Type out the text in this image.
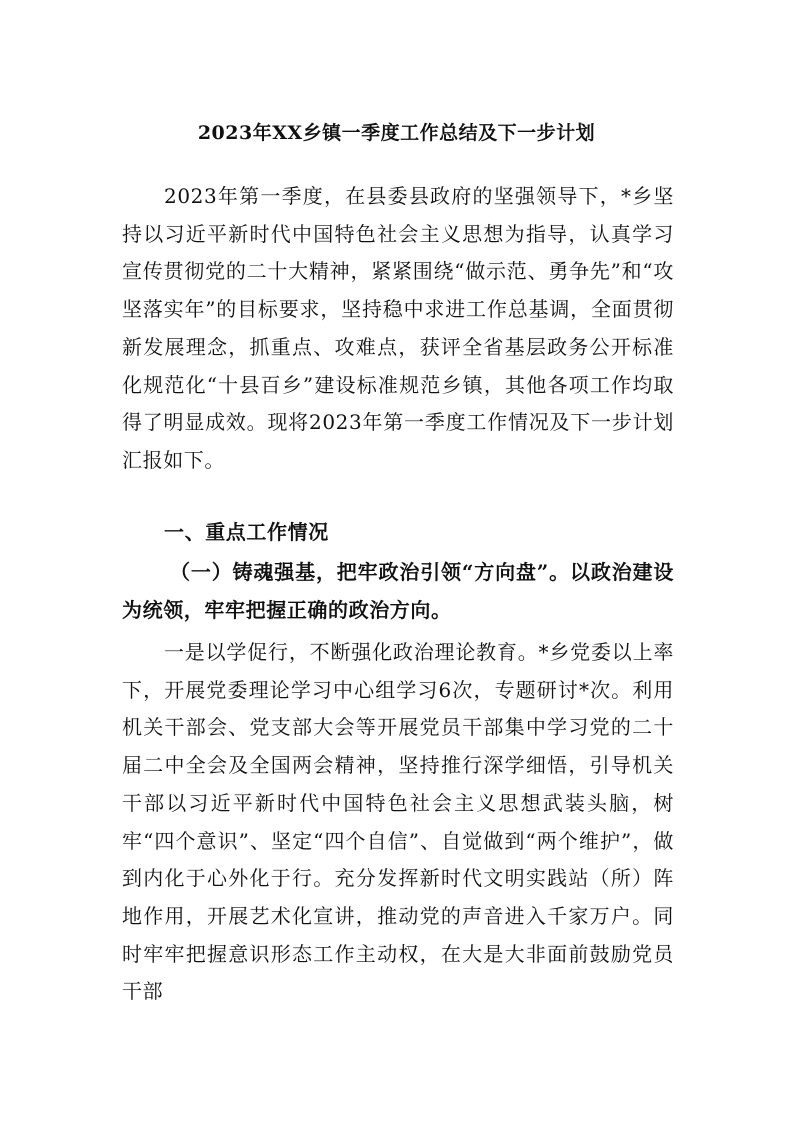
2023年XX乡镇一季度工作总结及下一步计划

2023年第一季度，在县委县政府的坚强领导下，*乡坚持以习近平新时代中国特色社会主义思想为指导，认真学习宣传贯彻党的二十大精神，紧紧围绕“做示范、勇争先”和“攻坚落实年”的目标要求，坚持稳中求进工作总基调，全面贯彻新发展理念，抓重点、攻难点，获评全省基层政务公开标准化规范化“十县百乡”建设标准规范乡镇，其他各项工作均取得了明显成效。现将2023年第一季度工作情况及下一步计划汇报如下。

一、重点工作情况

（一）铸魂强基，把牢政治引领“方向盘”。以政治建设为统领，牢牢把握正确的政治方向。

一是以学促行，不断强化政治理论教育。*乡党委以上率下，开展党委理论学习中心组学习6次，专题研讨*次。利用机关干部会、党支部大会等开展党员干部集中学习党的二十届二中全会及全国两会精神，坚持推行深学细悟，引导机关干部以习近平新时代中国特色社会主义思想武装头脑，树牢“四个意识”、坚定“四个自信”、自觉做到“两个维护”，做到内化于心外化于行。充分发挥新时代文明实践站（所）阵地作用，开展艺术化宣讲，推动党的声音进入千家万户。同时牢牢把握意识形态工作主动权，在大是大非面前鼓励党员干部
